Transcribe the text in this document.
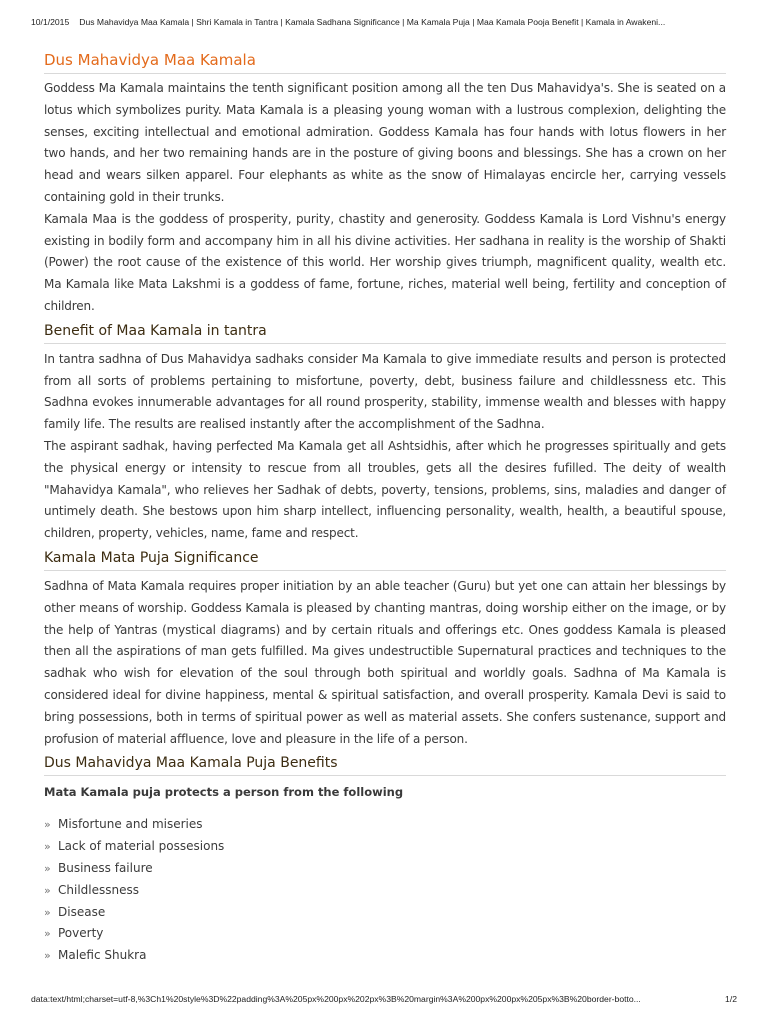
10/1/2015 Dus Mahavidya Maa Kamala | Shri Kamala in Tantra | Kamala Sadhana Significance | Ma Kamala Puja | Maa Kamala Pooja Benefit | Kamala in Awakeni...
Dus Mahavidya Maa Kamala

Goddess Ma Kamala maintains the tenth significant position among all the ten Dus Mahavidya's. She is seated on a lotus which symbolizes purity. Mata Kamala is a pleasing young woman with a lustrous complexion, delighting the senses, exciting intellectual and emotional admiration. Goddess Kamala has four hands with lotus flowers in her two hands, and her two remaining hands are in the posture of giving boons and blessings. She has a crown on her head and wears silken apparel. Four elephants as white as the snow of Himalayas encircle her, carrying vessels containing gold in their trunks.

Kamala Maa is the goddess of prosperity, purity, chastity and generosity. Goddess Kamala is Lord Vishnu's energy existing in bodily form and accompany him in all his divine activities. Her sadhana in reality is the worship of Shakti (Power) the root cause of the existence of this world. Her worship gives triumph, magnificent quality, wealth etc. Ma Kamala like Mata Lakshmi is a goddess of fame, fortune, riches, material well being, fertility and conception of children.

Benefit of Maa Kamala in tantra

In tantra sadhna of Dus Mahavidya sadhaks consider Ma Kamala to give immediate results and person is protected from all sorts of problems pertaining to misfortune, poverty, debt, business failure and childlessness etc. This Sadhna evokes innumerable advantages for all round prosperity, stability, immense wealth and blesses with happy family life. The results are realised instantly after the accomplishment of the Sadhna.

The aspirant sadhak, having perfected Ma Kamala get all Ashtsidhis, after which he progresses spiritually and gets the physical energy or intensity to rescue from all troubles, gets all the desires fufilled. The deity of wealth "Mahavidya Kamala", who relieves her Sadhak of debts, poverty, tensions, problems, sins, maladies and danger of untimely death. She bestows upon him sharp intellect, influencing personality, wealth, health, a beautiful spouse, children, property, vehicles, name, fame and respect.

Kamala Mata Puja Significance

Sadhna of Mata Kamala requires proper initiation by an able teacher (Guru) but yet one can attain her blessings by other means of worship. Goddess Kamala is pleased by chanting mantras, doing worship either on the image, or by the help of Yantras (mystical diagrams) and by certain rituals and offerings etc. Ones goddess Kamala is pleased then all the aspirations of man gets fulfilled. Ma gives undestructible Supernatural practices and techniques to the sadhak who wish for elevation of the soul through both spiritual and worldly goals. Sadhna of Ma Kamala is considered ideal for divine happiness, mental & spiritual satisfaction, and overall prosperity. Kamala Devi is said to bring possessions, both in terms of spiritual power as well as material assets. She confers sustenance, support and profusion of material affluence, love and pleasure in the life of a person.

Dus Mahavidya Maa Kamala Puja Benefits
Mata Kamala puja protects a person from the following
» Misfortune and miseries
» Lack of material possesions
» Business failure
» Childlessness
» Disease
» Poverty
» Malefic Shukra
data:text/html;charset=utf-8,%3Ch1%20style%3D%22padding%3A%205px%200px%202px%3B%20margin%3A%200px%200px%205px%3B%20border-botto...	1/2
